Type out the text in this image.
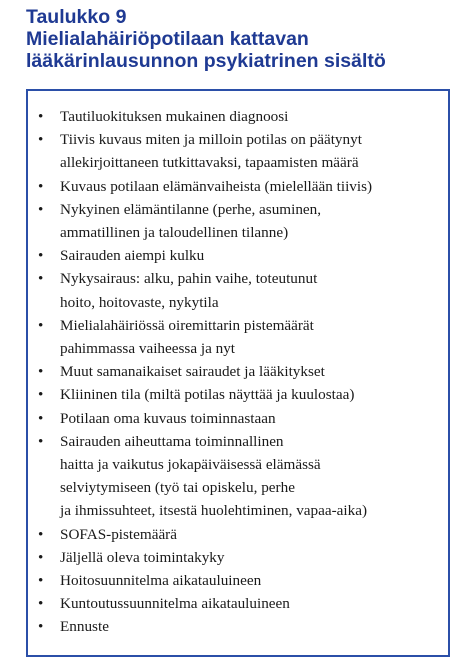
Taulukko 9
Mielialahäiriöpotilaan kattavan
lääkärinlausunnon psykiatrinen sisältö
• Tautiluokituksen mukainen diagnoosi
• Tiivis kuvaus miten ja milloin potilas on päätynyt
allekirjoittaneen tutkittavaksi, tapaamisten määrä
• Kuvaus potilaan elämänvaiheista (mielellään tiivis)
• Nykyinen elämäntilanne (perhe, asuminen,
ammatillinen ja taloudellinen tilanne)
• Sairauden aiempi kulku
• Nykysairaus: alku, pahin vaihe, toteutunut
hoito, hoitovaste, nykytila
• Mielialahäiriössä oiremittarin pistemäärät
pahimmassa vaiheessa ja nyt
• Muut samanaikaiset sairaudet ja lääkitykset
• Kliininen tila (miltä potilas näyttää ja kuulostaa)
• Potilaan oma kuvaus toiminnastaan
• Sairauden aiheuttama toiminnallinen
haitta ja vaikutus jokapäiväisessä elämässä
selviytymiseen (työ tai opiskelu, perhe
ja ihmissuhteet, itsestä huolehtiminen, vapaa-aika)
• SOFAS-pistemäärä
• Jäljellä oleva toimintakyky
• Hoitosuunnitelma aikatauluineen
• Kuntoutussuunnitelma aikatauluineen
• Ennuste
